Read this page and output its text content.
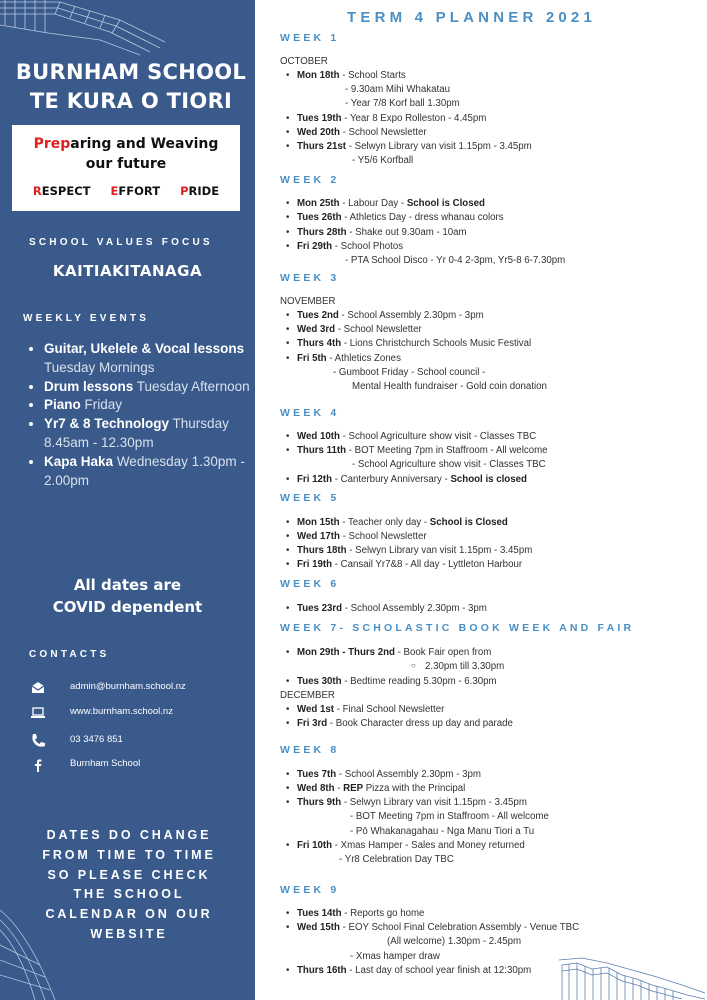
BURNHAM SCHOOL
TE KURA O TIORI
Preparing and Weaving
our future
RESPECT EFFORT PRIDE
SCHOOL VALUES FOCUS
KAITIAKITANAGA
WEEKLY EVENTS
• Guitar, Ukelele & Vocal lessons Tuesday Mornings
• Drum lessons Tuesday Afternoon
• Piano Friday
• Yr7 & 8 Technology Thursday 8.45am - 12.30pm
• Kapa Haka Wednesday 1.30pm - 2.00pm
All dates are
COVID dependent
CONTACTS
admin@burnham.school.nz
www.burnham.school.nz
03 3476 851
Burnham School
DATES DO CHANGE
FROM TIME TO TIME
SO PLEASE CHECK
THE SCHOOL
CALENDAR ON OUR
WEBSITE
TERM 4 PLANNER 2021
WEEK 1
OCTOBER
• Mon 18th - School Starts
- 9.30am Mihi Whakatau
- Year 7/8 Korf ball 1.30pm
• Tues 19th - Year 8 Expo Rolleston - 4.45pm
• Wed 20th - School Newsletter
• Thurs 21st - Selwyn Library van visit 1.15pm - 3.45pm
- Y5/6 Korfball
WEEK 2
• Mon 25th - Labour Day - School is Closed
• Tues 26th - Athletics Day - dress whanau colors
• Thurs 28th - Shake out 9.30am - 10am
• Fri 29th - School Photos
- PTA School Disco - Yr 0-4 2-3pm, Yr5-8 6-7.30pm
WEEK 3
NOVEMBER
• Tues 2nd - School Assembly 2.30pm - 3pm
• Wed 3rd - School Newsletter
• Thurs 4th - Lions Christchurch Schools Music Festival
• Fri 5th - Athletics Zones
- Gumboot Friday - School council -
Mental Health fundraiser - Gold coin donation
WEEK 4
• Wed 10th - School Agriculture show visit - Classes TBC
• Thurs 11th - BOT Meeting 7pm in Staffroom - All welcome
- School Agriculture show visit - Classes TBC
• Fri 12th - Canterbury Anniversary - School is closed
WEEK 5
• Mon 15th - Teacher only day - School is Closed
• Wed 17th - School Newsletter
• Thurs 18th - Selwyn Library van visit 1.15pm - 3.45pm
• Fri 19th - Cansail Yr7&8 - All day - Lyttleton Harbour
WEEK 6
• Tues 23rd - School Assembly 2.30pm - 3pm
WEEK 7- SCHOLASTIC BOOK WEEK AND FAIR
• Mon 29th - Thurs 2nd - Book Fair open from
○ 2.30pm till 3.30pm
• Tues 30th - Bedtime reading 5.30pm - 6.30pm
DECEMBER
• Wed 1st - Final School Newsletter
• Fri 3rd - Book Character dress up day and parade
WEEK 8
• Tues 7th - School Assembly 2.30pm - 3pm
• Wed 8th - REP Pizza with the Principal
• Thurs 9th - Selwyn Library van visit 1.15pm - 3.45pm
- BOT Meeting 7pm in Staffroom - All welcome
- Pō Whakanagahau - Nga Manu Tiori a Tu
• Fri 10th - Xmas Hamper - Sales and Money returned
- Yr8 Celebration Day TBC
WEEK 9
• Tues 14th - Reports go home
• Wed 15th - EOY School Final Celebration Assembly - Venue TBC
(All welcome) 1.30pm - 2.45pm
- Xmas hamper draw
• Thurs 16th - Last day of school year finish at 12:30pm
